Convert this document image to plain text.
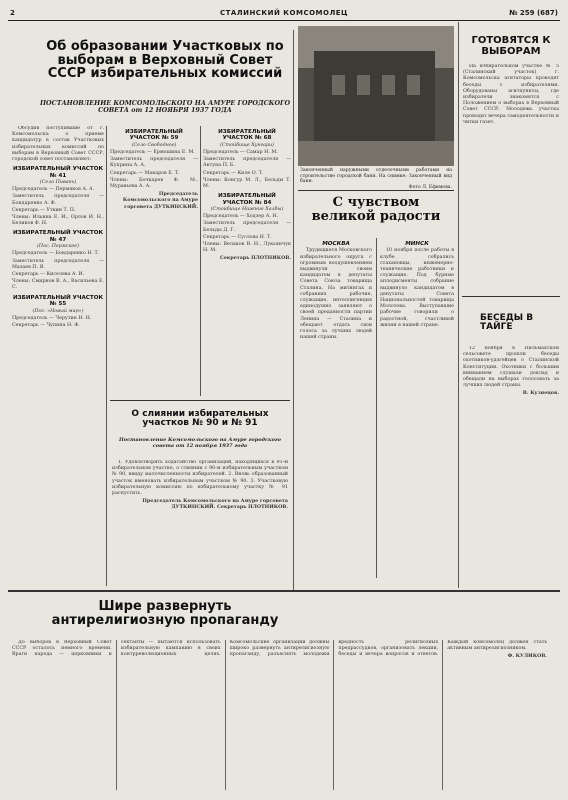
2	СТАЛИНСКИЙ КОМСОМОЛЕЦ	№ 259 (687)
Об образовании Участковых по выборам в Верховный Совет СССР избирательных комиссий
ПОСТАНОВЛЕНИЕ КОМСОМОЛЬСКОГО НА АМУРЕ ГОРОДСКОГО СОВЕТА от 12 НОЯБРЯ 1937 ГОДА

Обсудив поступившие от г. Комсомольска о приеме кандидатур в состав Участковых избирательных комиссий по выборам в Верховный Совет СССР, городской совет постановляет:

ИЗБИРАТЕЛЬНЫЙ УЧАСТОК № 41
(Село Пивань)

Председатель — Пермяков А. А.

Заместитель председателя — Бондаренко А. Ф.

Секретарь — Уткин Т. П.

Члены: Ильина Е. И., Орлов И. Н., Беликов Ф. Н.

ИЗБИРАТЕЛЬНЫЙ УЧАСТОК № 47
(Пос. Пермское)

Председатель — Бондаренко Н. Т.

Заместитель председателя — Мазаев П. Я.

Секретарь — Киселева А. И.

Члены: Смирнов В. А., Васильева Е. С.

ИЗБИРАТЕЛЬНЫЙ УЧАСТОК № 55
(Пос. «Новый мир»)

Председатель — Черутин Н. Н.

Секретарь — Чупина Н. Ф.

ИЗБИРАТЕЛЬНЫЙ УЧАСТОК № 59
(Село Свободное)

Председатель — Ермошина Е. М.

Заместитель председателя — Куприна А. А.

Секретарь — Макаров Е. Т.

Члены: Бочкарев Ф. М., Муравьева А. А.

Председатель Комсомольского на Амуре горсовета ДУТКИНСКИЙ.

ИЗБИРАТЕЛЬНЫЙ УЧАСТОК № 68
(Стойбище Хунгари)

Председатель — Самар Н. М.

Заместитель председателя — Актуна П. Б.

Секретарь — Киле О. Т.

Члены: Конгур М. Л., Бельды Т. М.

ИЗБИРАТЕЛЬНЫЙ УЧАСТОК № 84
(Стойбище Нижние Халбы)

Председатель — Ходзер А. Н.

Заместитель председателя — Бельды Д. Г.

Секретарь — Суслова Н. Т.

Члены: Велаков В. Н., Лукьянчук Н. М.

Секретарь ПЛОТНИКОВ.

О слиянии избирательных участков № 90 и № 91
Постановление Комсомольского на Амуре городского совета от 12 ноября 1937 года

1. Удовлетворить ходатайство организаций, находящихся в 91-м избирательном участке, о слиянии с 90-м избирательным участком № 90, ввиду малочисленности избирателей. 2. Вновь образованный участок именовать избирательным участком № 90. 3. Участковую избирательную комиссию по избирательному участку № 91 распустить.

Председатель Комсомольского на Амуре горсовета ДУТКИНСКИЙ. Секретарь ПЛОТНИКОВ.

Законченный наружными отделочными работами на строительстве городской бани. На снимке: Законченный вид бани.
Фото Л. Ефимова.
С чувством великой радости
МОСКВА

Трудящиеся Московского избирательного округа с огромным воодушевлением выдвинули своим кандидатом в депутаты Совета Союза товарища Сталина. На митингах и собраниях рабочие, служащие, интеллигенция единодушно заявляют о своей преданности партии Ленина — Сталина и обещают отдать свои голоса за лучших людей нашей страны.

МИНСК

10 ноября после работы в клубе собрались стахановцы, инженерно-технические работники и служащие. Под бурные аплодисменты собрание выдвинуло кандидатом в депутаты Совета Национальностей товарища Молотова. Выступавшие рабочие говорили о радостной, счастливой жизни в нашей стране.

ГОТОВЯТСЯ К ВЫБОРАМ

На избирательном участке № 5 (Сталинский участок) г. Комсомольска агитаторы проводят беседы с избирателями. Оборудованы агитпункты, где избиратели знакомятся с Положением о выборах в Верховный Совет СССР. Молодежь участка проводит вечера самодеятельности и читки газет.

БЕСЕДЫ В ТАЙГЕ

12 ноября в Пильмахском сельсовете прошли беседы охотников-удэгейцев о Сталинской Конституции. Охотники с большим вниманием слушали доклад и обещали на выборах голосовать за лучших людей страны.

В. Кузнецов.

Шире развернуть антирелигиозную пропаганду

До выборов в Верховный Совет СССР осталось немного времени. Враги народа — церковники и сектанты — пытаются использовать избирательную кампанию в своих контрреволюционных целях. Комсомольские организации должны широко развернуть антирелигиозную пропаганду, разъяснять молодежи вредность религиозных предрассудков, организовать лекции, беседы и вечера вопросов и ответов. Каждый комсомолец должен стать активным антирелигиозником.

Ф. КУЛИКОВ.
